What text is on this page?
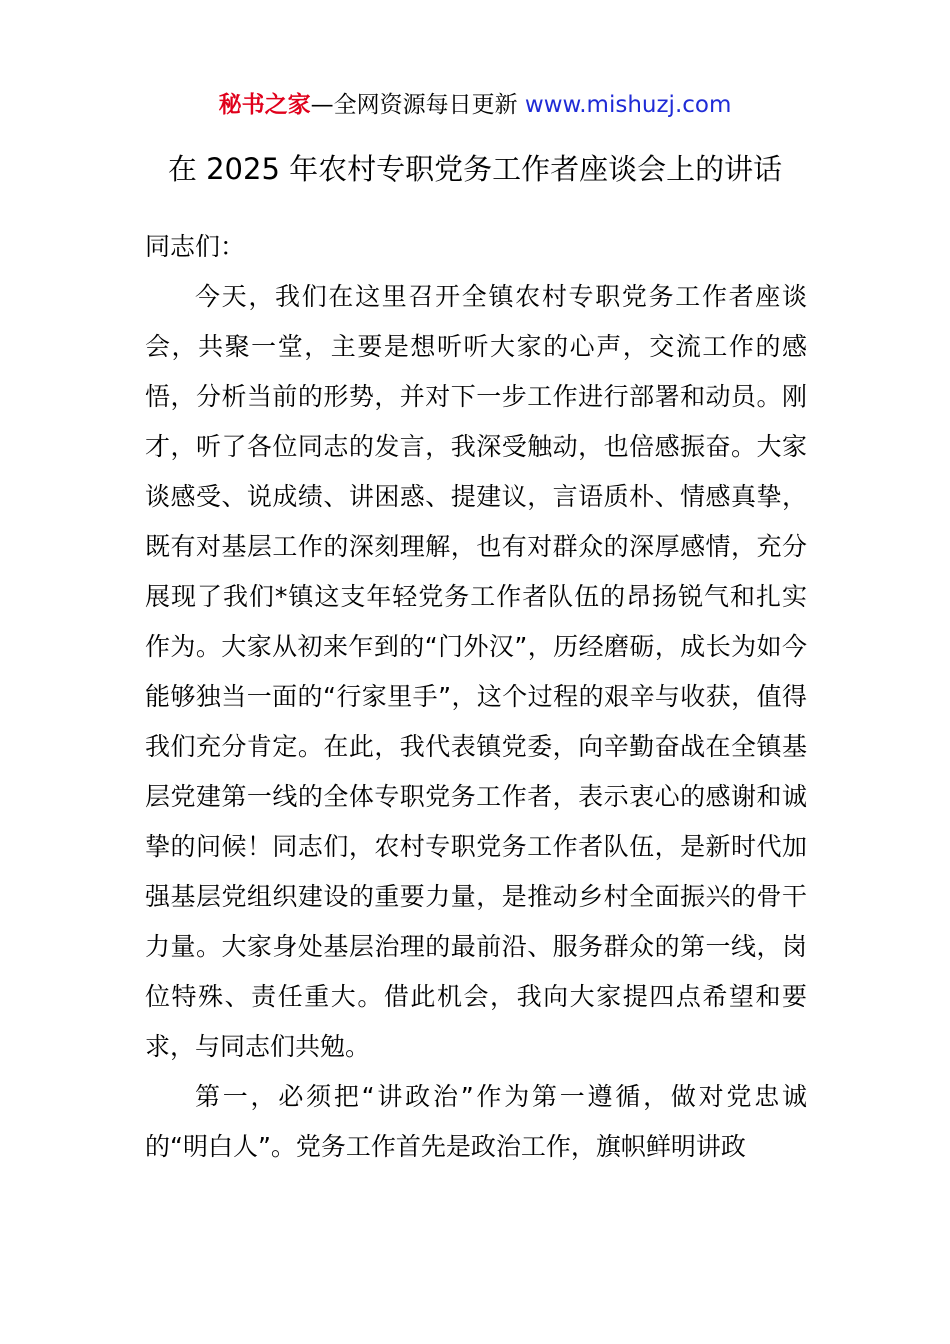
秘书之家—全网资源每日更新 www.mishuzj.com
在 2025 年农村专职党务工作者座谈会上的讲话

同志们：

今天，我们在这里召开全镇农村专职党务工作者座谈会，共聚一堂，主要是想听听大家的心声，交流工作的感悟，分析当前的形势，并对下一步工作进行部署和动员。刚才，听了各位同志的发言，我深受触动，也倍感振奋。大家谈感受、说成绩、讲困惑、提建议，言语质朴、情感真挚，既有对基层工作的深刻理解，也有对群众的深厚感情，充分展现了我们*镇这支年轻党务工作者队伍的昂扬锐气和扎实作为。大家从初来乍到的“门外汉”，历经磨砺，成长为如今能够独当一面的“行家里手”，这个过程的艰辛与收获，值得我们充分肯定。在此，我代表镇党委，向辛勤奋战在全镇基层党建第一线的全体专职党务工作者，表示衷心的感谢和诚挚的问候！同志们，农村专职党务工作者队伍，是新时代加强基层党组织建设的重要力量，是推动乡村全面振兴的骨干力量。大家身处基层治理的最前沿、服务群众的第一线，岗位特殊、责任重大。借此机会，我向大家提四点希望和要求，与同志们共勉。

第一，必须把“讲政治”作为第一遵循，做对党忠诚的“明白人”。党务工作首先是政治工作，旗帜鲜明讲政
